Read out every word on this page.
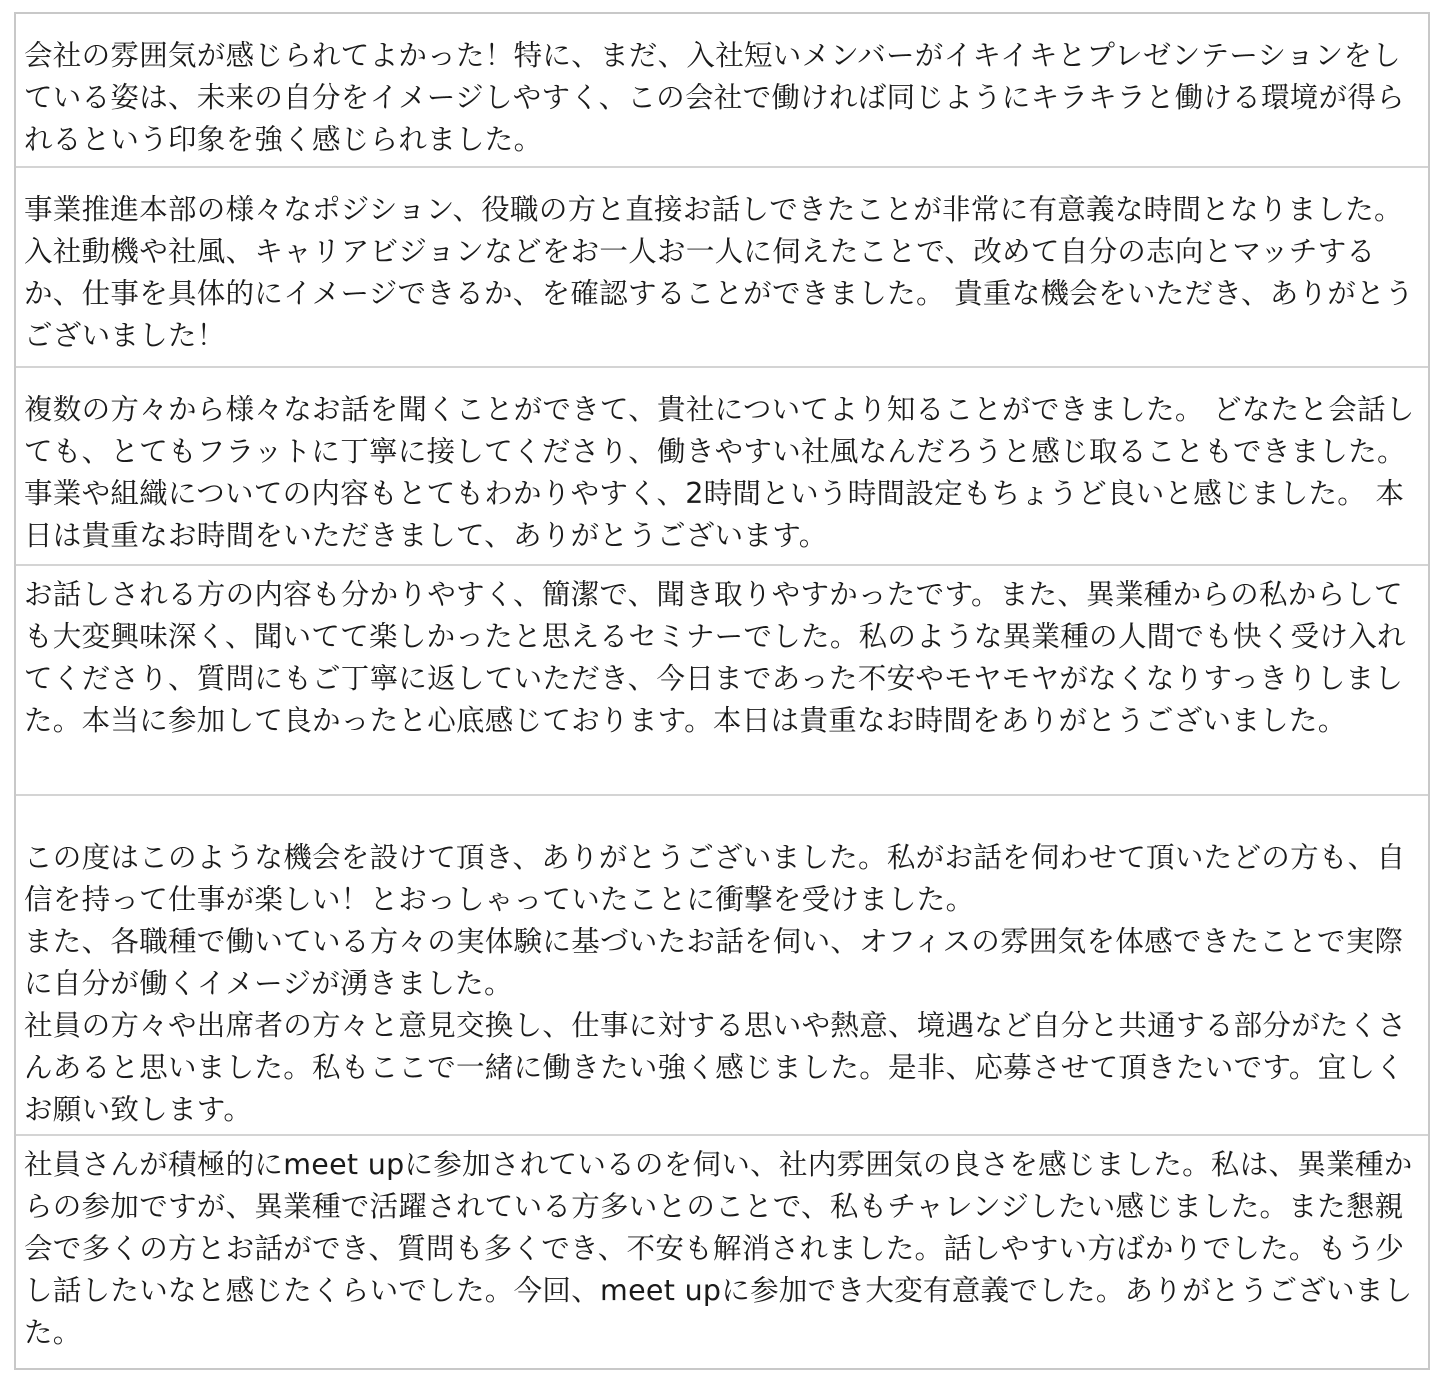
会社の雰囲気が感じられてよかった！特に、まだ、入社短いメンバーがイキイキとプレゼンテーションをしている姿は、未来の自分をイメージしやすく、この会社で働ければ同じようにキラキラと働ける環境が得られるという印象を強く感じられました。
事業推進本部の様々なポジション、役職の方と直接お話しできたことが非常に有意義な時間となりました。 入社動機や社風、キャリアビジョンなどをお一人お一人に伺えたことで、改めて自分の志向とマッチするか、仕事を具体的にイメージできるか、を確認することができました。 貴重な機会をいただき、ありがとうございました！
複数の方々から様々なお話を聞くことができて、貴社についてより知ることができました。 どなたと会話しても、とてもフラットに丁寧に接してくださり、働きやすい社風なんだろうと感じ取ることもできました。 事業や組織についての内容もとてもわかりやすく、2時間という時間設定もちょうど良いと感じました。 本日は貴重なお時間をいただきまして、ありがとうございます。
お話しされる方の内容も分かりやすく、簡潔で、聞き取りやすかったです。また、異業種からの私からしても大変興味深く、聞いてて楽しかったと思えるセミナーでした。私のような異業種の人間でも快く受け入れてくださり、質問にもご丁寧に返していただき、今日まであった不安やモヤモヤがなくなりすっきりしました。本当に参加して良かったと心底感じております。本日は貴重なお時間をありがとうございました。
この度はこのような機会を設けて頂き、ありがとうございました。私がお話を伺わせて頂いたどの方も、自信を持って仕事が楽しい！とおっしゃっていたことに衝撃を受けました。
また、各職種で働いている方々の実体験に基づいたお話を伺い、オフィスの雰囲気を体感できたことで実際に自分が働くイメージが湧きました。
社員の方々や出席者の方々と意見交換し、仕事に対する思いや熱意、境遇など自分と共通する部分がたくさんあると思いました。私もここで一緒に働きたい強く感じました。是非、応募させて頂きたいです。宜しくお願い致します。
社員さんが積極的にmeet upに参加されているのを伺い、社内雰囲気の良さを感じました。私は、異業種からの参加ですが、異業種で活躍されている方多いとのことで、私もチャレンジしたい感じました。また懇親会で多くの方とお話ができ、質問も多くでき、不安も解消されました。話しやすい方ばかりでした。もう少し話したいなと感じたくらいでした。今回、meet upに参加でき大変有意義でした。ありがとうございました。
